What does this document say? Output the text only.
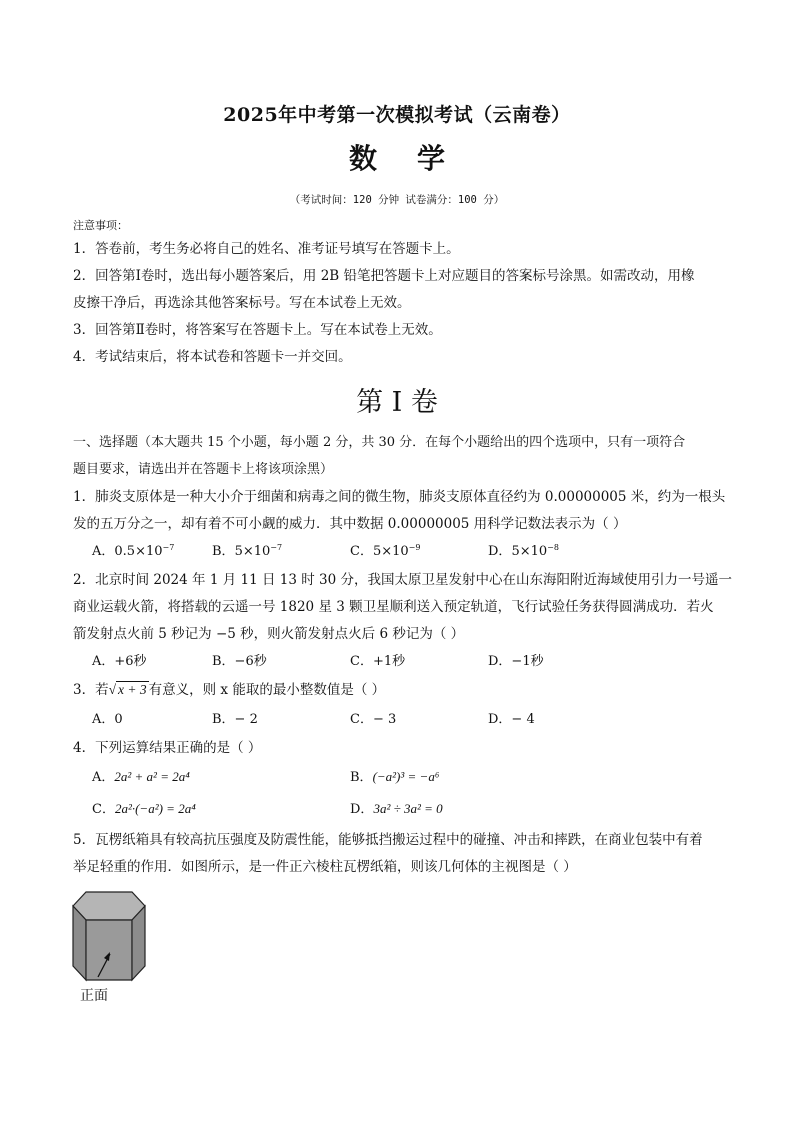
2025年中考第一次模拟考试（云南卷）
数 学
（考试时间：120 分钟 试卷满分：100 分）
注意事项：
1．答卷前，考生务必将自己的姓名、准考证号填写在答题卡上。
2．回答第Ⅰ卷时，选出每小题答案后，用 2B 铅笔把答题卡上对应题目的答案标号涂黑。如需改动，用橡
皮擦干净后，再选涂其他答案标号。写在本试卷上无效。
3．回答第Ⅱ卷时，将答案写在答题卡上。写在本试卷上无效。
4．考试结束后，将本试卷和答题卡一并交回。
第 I 卷
一、选择题（本大题共 15 个小题，每小题 2 分，共 30 分．在每个小题给出的四个选项中，只有一项符合
题目要求，请选出并在答题卡上将该项涂黑）
1．肺炎支原体是一种大小介于细菌和病毒之间的微生物，肺炎支原体直径约为 0.00000005 米，约为一根头
发的五万分之一，却有着不可小觑的威力．其中数据 0.00000005 用科学记数法表示为（ ）
A．$0.5\times 10^{-7}$	B．$5\times 10^{-7}$	C．$5\times 10^{-9}$	D．$5\times 10^{-8}$
2．北京时间 2024 年 1 月 11 日 13 时 30 分，我国太原卫星发射中心在山东海阳附近海域使用引力一号遥一
商业运载火箭，将搭载的云遥一号 1820 星 3 颗卫星顺利送入预定轨道，飞行试验任务获得圆满成功．若火
箭发射点火前 5 秒记为 −5 秒，则火箭发射点火后 6 秒记为（ ）
A．+6秒	B．−6秒	C．+1秒	D．−1秒
3．若√ x + 3 有意义，则 x 能取的最小整数值是（ ）
A．0	B．− 2	C．− 3	D．− 4
4．下列运算结果正确的是（ ）
A．2a² + a² = 2a⁴	B．(−a²)³ = −a⁶
C．2a²·(−a²) = 2a⁴	D．3a² ÷ 3a² = 0
5．瓦楞纸箱具有较高抗压强度及防震性能，能够抵挡搬运过程中的碰撞、冲击和摔跌，在商业包装中有着
举足轻重的作用．如图所示，是一件正六棱柱瓦楞纸箱，则该几何体的主视图是（ ）
正面
